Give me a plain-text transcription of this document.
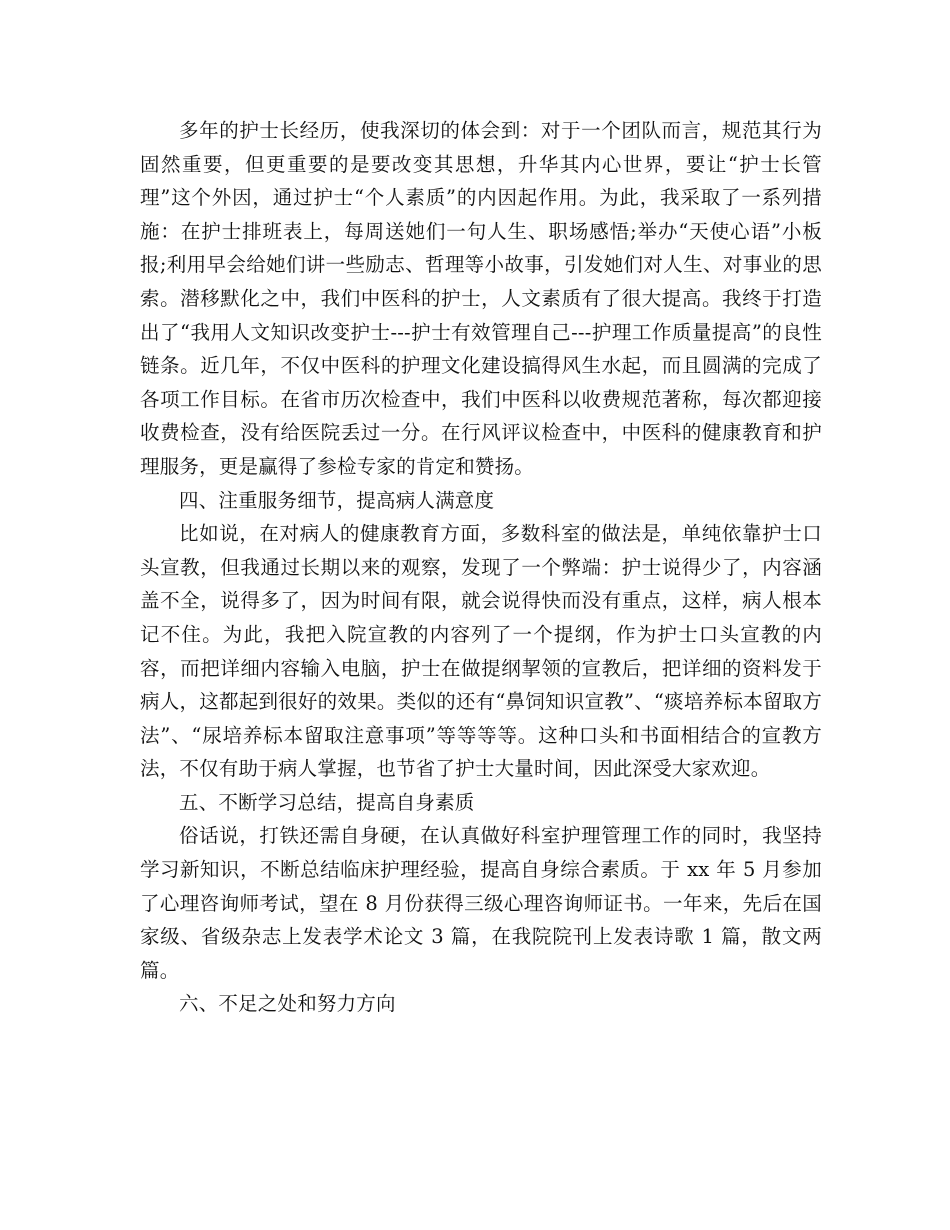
多年的护士长经历，使我深切的体会到：对于一个团队而言，规范其行为固然重要，但更重要的是要改变其思想，升华其内心世界，要让“护士长管理”这个外因，通过护士“个人素质”的内因起作用。为此，我采取了一系列措施：在护士排班表上，每周送她们一句人生、职场感悟;举办“天使心语”小板报;利用早会给她们讲一些励志、哲理等小故事，引发她们对人生、对事业的思索。潜移默化之中，我们中医科的护士，人文素质有了很大提高。我终于打造出了“我用人文知识改变护士---护士有效管理自己---护理工作质量提高”的良性链条。近几年，不仅中医科的护理文化建设搞得风生水起，而且圆满的完成了各项工作目标。在省市历次检查中，我们中医科以收费规范著称，每次都迎接收费检查，没有给医院丢过一分。在行风评议检查中，中医科的健康教育和护理服务，更是赢得了参检专家的肯定和赞扬。

四、注重服务细节，提高病人满意度

比如说，在对病人的健康教育方面，多数科室的做法是，单纯依靠护士口头宣教，但我通过长期以来的观察，发现了一个弊端：护士说得少了，内容涵盖不全，说得多了，因为时间有限，就会说得快而没有重点，这样，病人根本记不住。为此，我把入院宣教的内容列了一个提纲，作为护士口头宣教的内容，而把详细内容输入电脑，护士在做提纲挈领的宣教后，把详细的资料发于病人，这都起到很好的效果。类似的还有“鼻饲知识宣教”、“痰培养标本留取方法”、“尿培养标本留取注意事项”等等等等。这种口头和书面相结合的宣教方法，不仅有助于病人掌握，也节省了护士大量时间，因此深受大家欢迎。

五、不断学习总结，提高自身素质

俗话说，打铁还需自身硬，在认真做好科室护理管理工作的同时，我坚持学习新知识，不断总结临床护理经验，提高自身综合素质。于 xx 年 5 月参加了心理咨询师考试，望在 8 月份获得三级心理咨询师证书。一年来，先后在国家级、省级杂志上发表学术论文 3 篇，在我院院刊上发表诗歌 1 篇，散文两篇。

六、不足之处和努力方向
